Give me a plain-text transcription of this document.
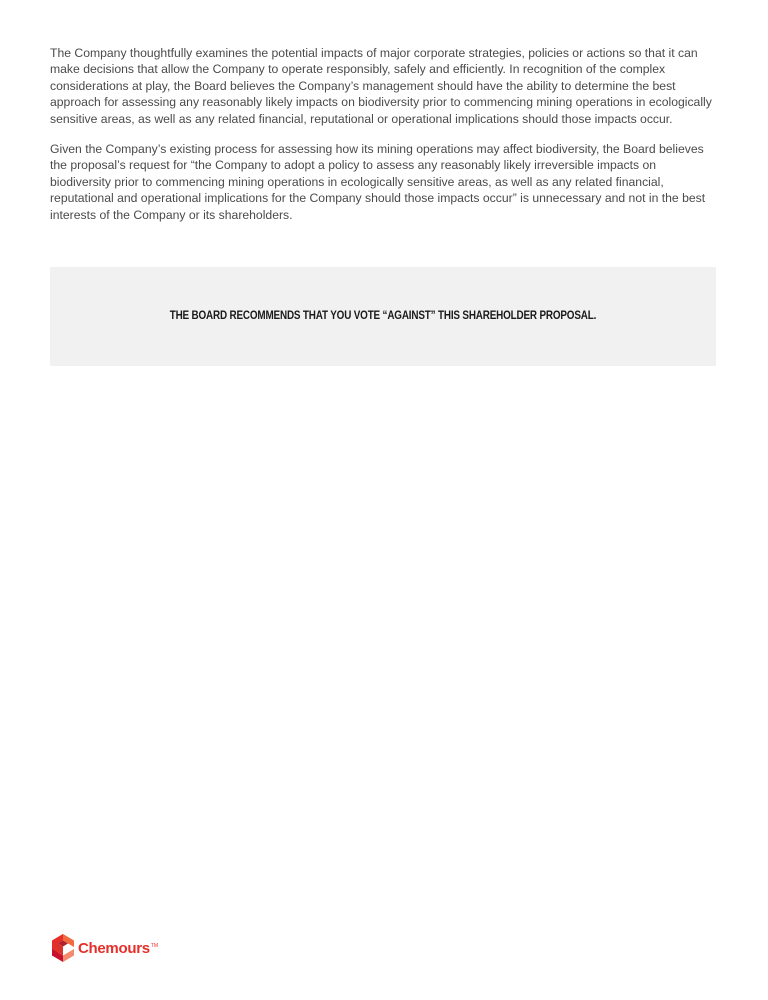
The Company thoughtfully examines the potential impacts of major corporate strategies, policies or actions so that it can make decisions that allow the Company to operate responsibly, safely and efficiently. In recognition of the complex considerations at play, the Board believes the Company’s management should have the ability to determine the best approach for assessing any reasonably likely impacts on biodiversity prior to commencing mining operations in ecologically sensitive areas, as well as any related financial, reputational or operational implications should those impacts occur.

Given the Company’s existing process for assessing how its mining operations may affect biodiversity, the Board believes the proposal’s request for “the Company to adopt a policy to assess any reasonably likely irreversible impacts on biodiversity prior to commencing mining operations in ecologically sensitive areas, as well as any related financial, reputational and operational implications for the Company should those impacts occur” is unnecessary and not in the best interests of the Company or its shareholders.

THE BOARD RECOMMENDS THAT YOU VOTE “AGAINST” THIS SHAREHOLDER PROPOSAL.
Chemours TM
